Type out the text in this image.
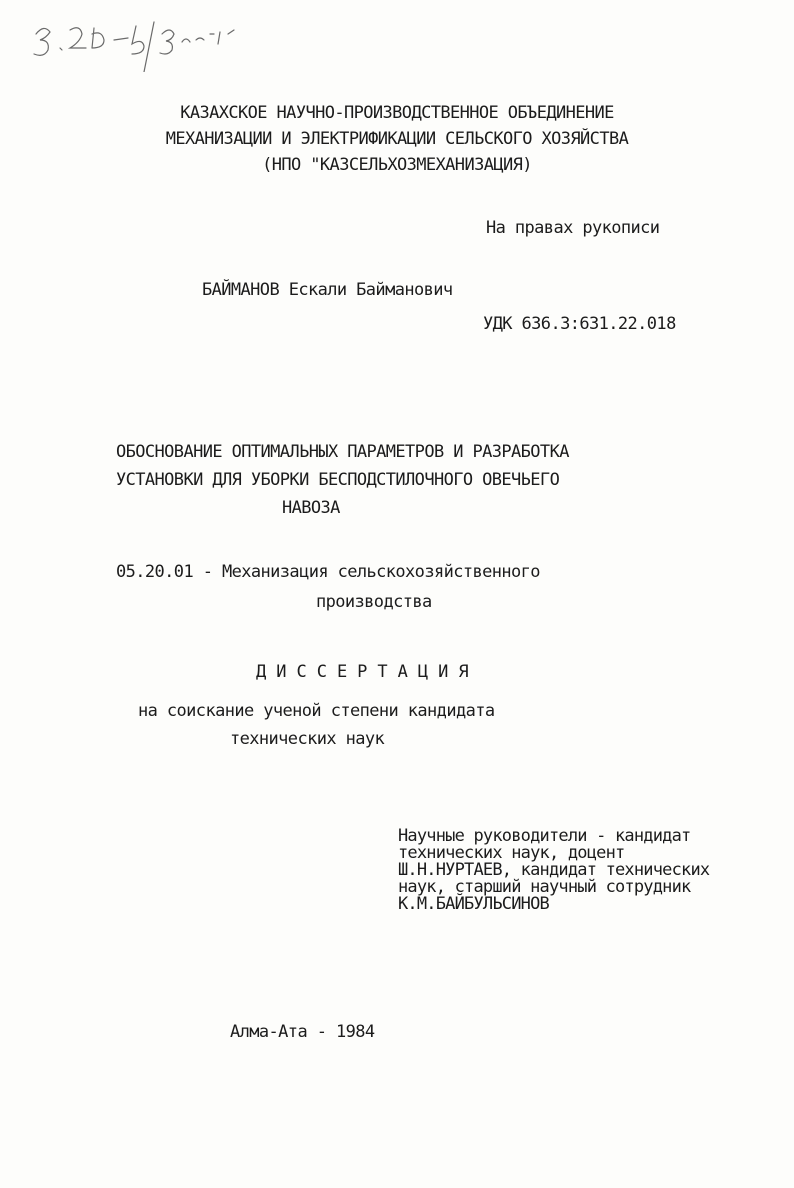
КАЗАХСКОЕ НАУЧНО-ПРОИЗВОДСТВЕННОЕ ОБЪЕДИНЕНИЕ
МЕХАНИЗАЦИИ И ЭЛЕКТРИФИКАЦИИ СЕЛЬСКОГО ХОЗЯЙСТВА
(НПО "КАЗСЕЛЬХОЗМЕХАНИЗАЦИЯ)
На правах рукописи
БАЙМАНОВ Ескали Байманович
УДК 636.3:631.22.018
ОБОСНОВАНИЕ ОПТИМАЛЬНЫХ ПАРАМЕТРОВ И РАЗРАБОТКА
УСТАНОВКИ ДЛЯ УБОРКИ БЕСПОДСТИЛОЧНОГО ОВЕЧЬЕГО
НАВОЗА
05.20.01 - Механизация сельскохозяйственного
производства
ДИССЕРТАЦИЯ
на соискание ученой степени кандидата
технических наук
Научные руководители - кандидат
технических наук, доцент
Ш.Н.НУРТАЕВ, кандидат технических
наук, старший научный сотрудник
К.М.БАЙБУЛЬСИНОВ
Алма-Ата - 1984
